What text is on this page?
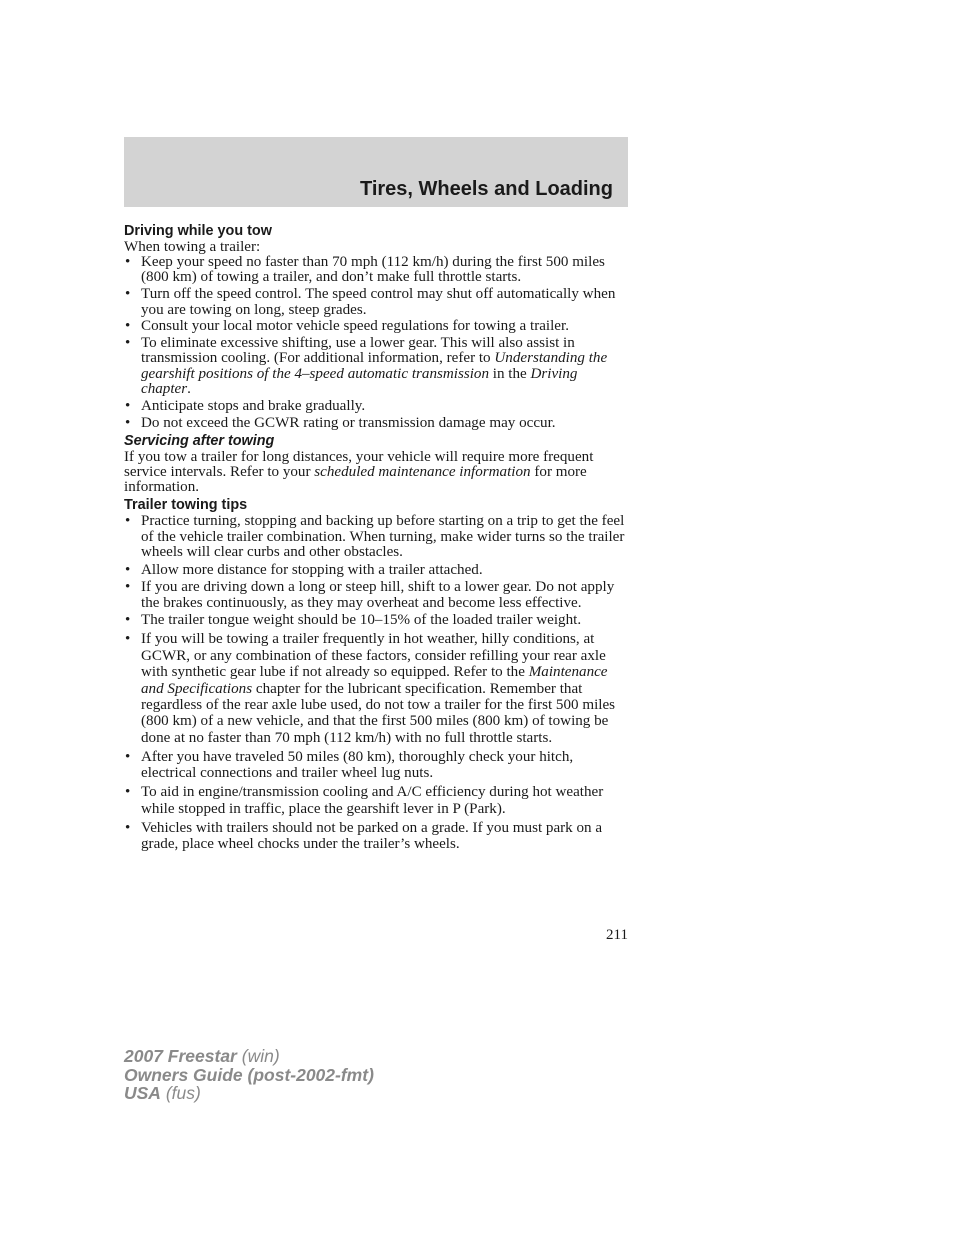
Tires, Wheels and Loading
Driving while you tow

When towing a trailer:

• Keep your speed no faster than 70 mph (112 km/h) during the first 500 miles (800 km) of towing a trailer, and don’t make full throttle starts.
• Turn off the speed control. The speed control may shut off automatically when you are towing on long, steep grades.
• Consult your local motor vehicle speed regulations for towing a trailer.
• To eliminate excessive shifting, use a lower gear. This will also assist in transmission cooling. (For additional information, refer to Understanding the gearshift positions of the 4–speed automatic transmission in the Driving chapter.
• Anticipate stops and brake gradually.
• Do not exceed the GCWR rating or transmission damage may occur.
Servicing after towing

If you tow a trailer for long distances, your vehicle will require more frequent service intervals. Refer to your scheduled maintenance information for more information.

Trailer towing tips
• Practice turning, stopping and backing up before starting on a trip to get the feel of the vehicle trailer combination. When turning, make wider turns so the trailer wheels will clear curbs and other obstacles.
• Allow more distance for stopping with a trailer attached.
• If you are driving down a long or steep hill, shift to a lower gear. Do not apply the brakes continuously, as they may overheat and become less effective.
• The trailer tongue weight should be 10–15% of the loaded trailer weight.
• If you will be towing a trailer frequently in hot weather, hilly conditions, at GCWR, or any combination of these factors, consider refilling your rear axle with synthetic gear lube if not already so equipped. Refer to the Maintenance and Specifications chapter for the lubricant specification. Remember that regardless of the rear axle lube used, do not tow a trailer for the first 500 miles (800 km) of a new vehicle, and that the first 500 miles (800 km) of towing be done at no faster than 70 mph (112 km/h) with no full throttle starts.
• After you have traveled 50 miles (80 km), thoroughly check your hitch, electrical connections and trailer wheel lug nuts.
• To aid in engine/transmission cooling and A/C efficiency during hot weather while stopped in traffic, place the gearshift lever in P (Park).
• Vehicles with trailers should not be parked on a grade. If you must park on a grade, place wheel chocks under the trailer’s wheels.
211
2007 Freestar (win)
Owners Guide (post-2002-fmt)
USA (fus)
